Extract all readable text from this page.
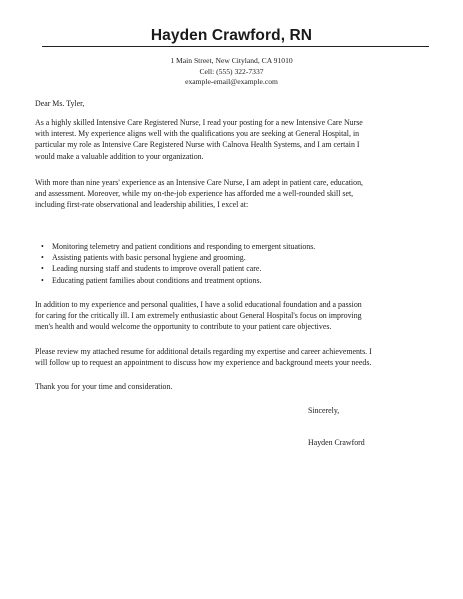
Hayden Crawford, RN
1 Main Street, New Cityland, CA 91010
Cell: (555) 322-7337
example-email@example.com
Dear Ms. Tyler,

As a highly skilled Intensive Care Registered Nurse, I read your posting for a new Intensive Care Nurse

with interest. My experience aligns well with the qualifications you are seeking at General Hospital, in

particular my role as Intensive Care Registered Nurse with Calnova Health Systems, and I am certain I

would make a valuable addition to your organization.

With more than nine years' experience as an Intensive Care Nurse, I am adept in patient care, education,

and assessment. Moreover, while my on-the-job experience has afforded me a well-rounded skill set,

including first-rate observational and leadership abilities, I excel at:

• Monitoring telemetry and patient conditions and responding to emergent situations.
• Assisting patients with basic personal hygiene and grooming.
• Leading nursing staff and students to improve overall patient care.
• Educating patient families about conditions and treatment options.

In addition to my experience and personal qualities, I have a solid educational foundation and a passion

for caring for the critically ill. I am extremely enthusiastic about General Hospital's focus on improving

men's health and would welcome the opportunity to contribute to your patient care objectives.

Please review my attached resume for additional details regarding my expertise and career achievements. I

will follow up to request an appointment to discuss how my experience and background meets your needs.

Thank you for your time and consideration.
Sincerely,
Hayden Crawford
